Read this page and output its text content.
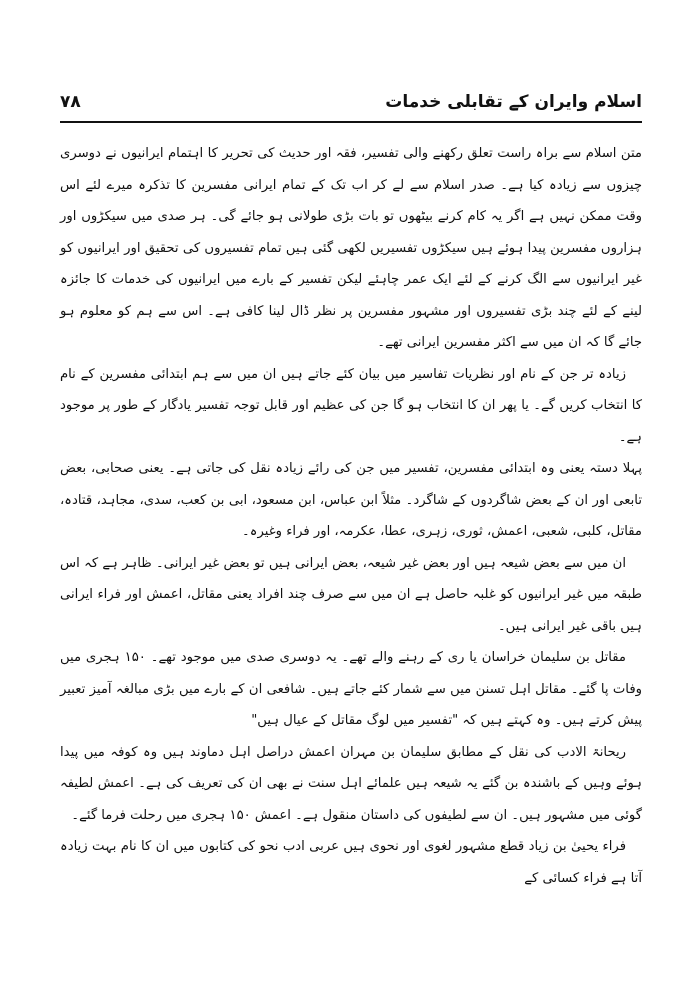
اسلام وایران کے تقابلی خدمات
۷۸

متن اسلام سے براہ راست تعلق رکھنے والی تفسیر، فقہ اور حدیث کی تحریر کا اہتمام ایرانیوں نے دوسری چیزوں سے زیادہ کیا ہے۔ صدر اسلام سے لے کر اب تک کے تمام ایرانی مفسرین کا تذکرہ میرے لئے اس وقت ممکن نہیں ہے اگر یہ کام کرنے بیٹھوں تو بات بڑی طولانی ہو جائے گی۔ ہر صدی میں سیکڑوں اور ہزاروں مفسرین پیدا ہوئے ہیں سیکڑوں تفسیریں لکھی گئی ہیں تمام تفسیروں کی تحقیق اور ایرانیوں کو غیر ایرانیوں سے الگ کرنے کے لئے ایک عمر چاہئے لیکن تفسیر کے بارے میں ایرانیوں کی خدمات کا جائزہ لینے کے لئے چند بڑی تفسیروں اور مشہور مفسرین پر نظر ڈال لینا کافی ہے۔ اس سے ہم کو معلوم ہو جائے گا کہ ان میں سے اکثر مفسرین ایرانی تھے۔

زیادہ تر جن کے نام اور نظریات تفاسیر میں بیان کئے جاتے ہیں ان میں سے ہم ابتدائی مفسرین کے نام کا انتخاب کریں گے۔ یا پھر ان کا انتخاب ہو گا جن کی عظیم اور قابل توجہ تفسیر یادگار کے طور پر موجود ہے۔

پہلا دستہ یعنی وہ ابتدائی مفسرین، تفسیر میں جن کی رائے زیادہ نقل کی جاتی ہے۔ یعنی صحابی، بعض تابعی اور ان کے بعض شاگردوں کے شاگرد۔ مثلاً ابن عباس، ابن مسعود، ابی بن کعب، سدی، مجاہد، قتادہ، مقاتل، کلبی، شعبی، اعمش، ثوری، زہری، عطا، عکرمہ، اور فراء وغیرہ۔

ان میں سے بعض شیعہ ہیں اور بعض غیر شیعہ، بعض ایرانی ہیں تو بعض غیر ایرانی۔ ظاہر ہے کہ اس طبقہ میں غیر ایرانیوں کو غلبہ حاصل ہے ان میں سے صرف چند افراد یعنی مقاتل، اعمش اور فراء ایرانی ہیں باقی غیر ایرانی ہیں۔

مقاتل بن سلیمان خراسان یا ری کے رہنے والے تھے۔ یہ دوسری صدی میں موجود تھے۔ ۱۵۰ ہجری میں وفات پا گئے۔ مقاتل اہل تسنن میں سے شمار کئے جاتے ہیں۔ شافعی ان کے بارے میں بڑی مبالغہ آمیز تعبیر پیش کرتے ہیں۔ وہ کہتے ہیں کہ "تفسیر میں لوگ مقاتل کے عیال ہیں"

ریحانۃ الادب کی نقل کے مطابق سلیمان بن مہران اعمش دراصل اہل دماوند ہیں وہ کوفہ میں پیدا ہوئے وہیں کے باشندہ بن گئے یہ شیعہ ہیں علمائے اہل سنت نے بھی ان کی تعریف کی ہے۔ اعمش لطیفہ گوئی میں مشہور ہیں۔ ان سے لطیفوں کی داستان منقول ہے۔ اعمش ۱۵۰ ہجری میں رحلت فرما گئے۔

فراء یحییٰ بن زیاد قطع مشہور لغوی اور نحوی ہیں عربی ادب نحو کی کتابوں میں ان کا نام بہت زیادہ آتا ہے فراء کسائی کے
